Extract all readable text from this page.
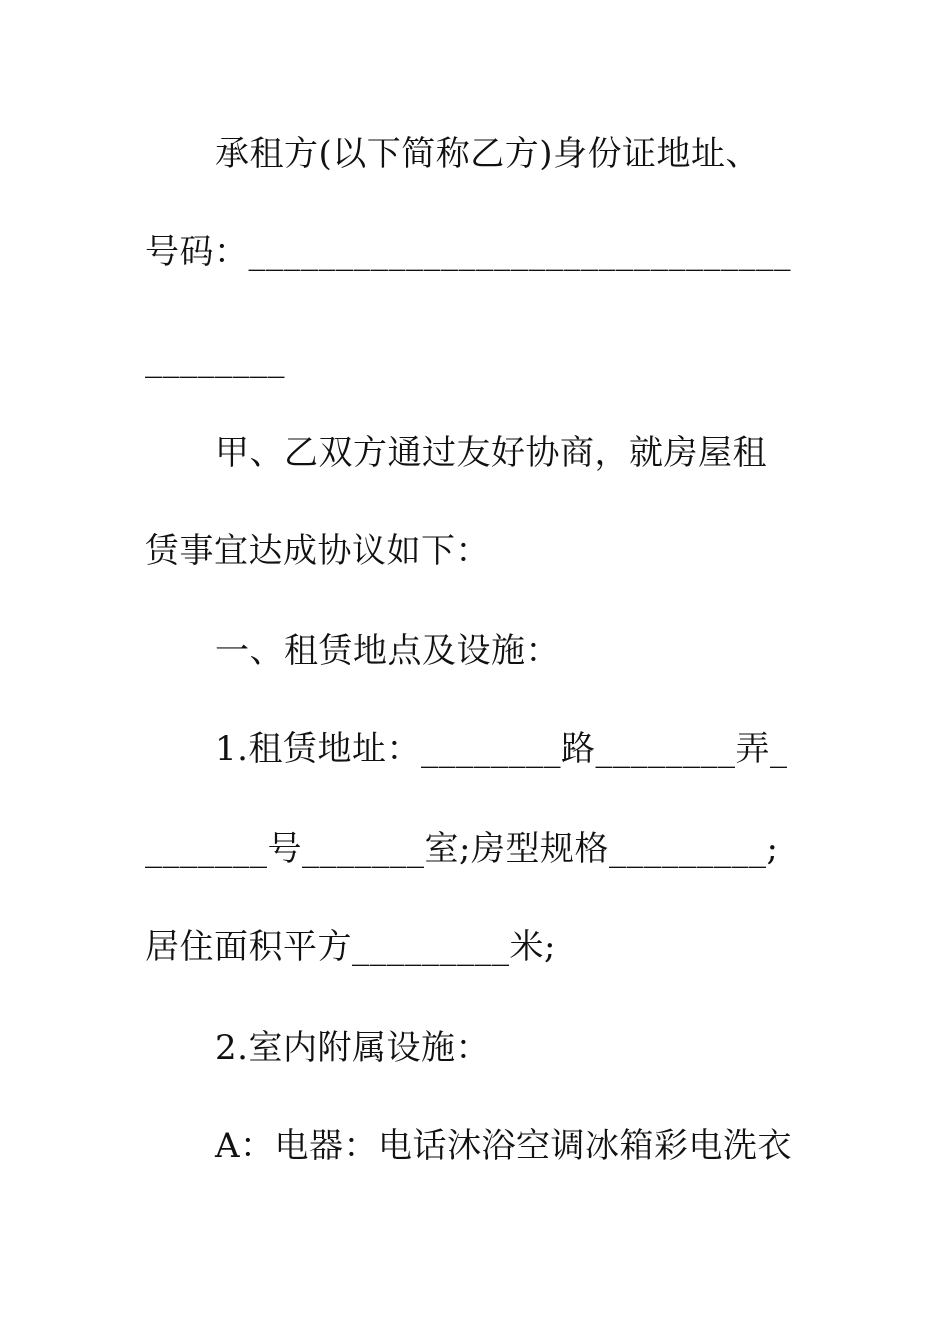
承租方(以下简称乙方)身份证地址、
号码：_______________________________
________
甲、乙双方通过友好协商，就房屋租
赁事宜达成协议如下：
一、租赁地点及设施：
1.租赁地址：________路________弄_
_______号_______室;房型规格_________;
居住面积平方_________米;
2.室内附属设施：
A：电器：电话沐浴空调冰箱彩电洗衣
